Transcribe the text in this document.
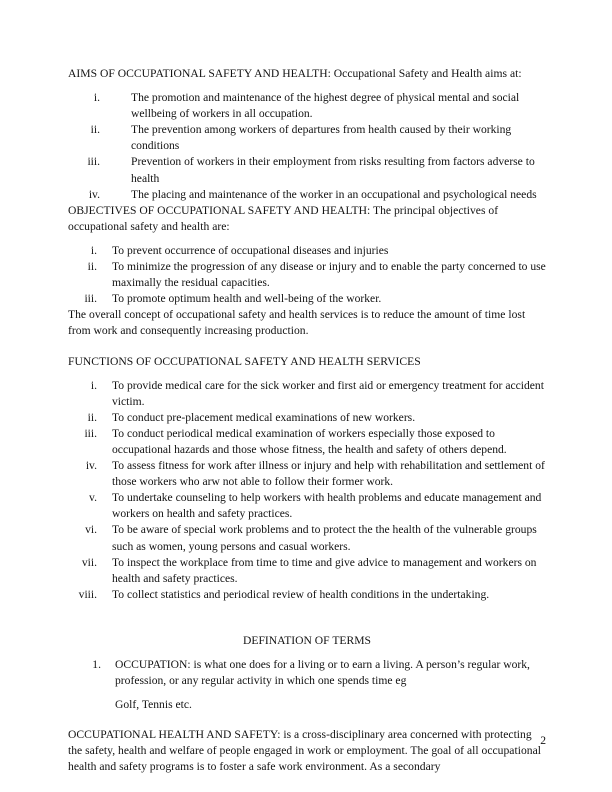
AIMS OF OCCUPATIONAL SAFETY AND HEALTH: Occupational Safety and Health aims at:

i.	The promotion and maintenance of the highest degree of physical mental and social wellbeing of workers in all occupation.
ii.	The prevention among workers of departures from health caused by their working conditions
iii.	Prevention of workers in their employment from risks resulting from factors adverse to health
iv.	The placing and maintenance of the worker in an occupational and psychological needs

OBJECTIVES OF OCCUPATIONAL SAFETY AND HEALTH: The principal objectives of occupational safety and health are:

i. To prevent occurrence of occupational diseases and injuries
ii. To minimize the progression of any disease or injury and to enable the party concerned to use maximally the residual capacities.
iii. To promote optimum health and well-being of the worker.

The overall concept of occupational safety and health services is to reduce the amount of time lost from work and consequently increasing production.

FUNCTIONS OF OCCUPATIONAL SAFETY AND HEALTH SERVICES

i. To provide medical care for the sick worker and first aid or emergency treatment for accident victim.
ii. To conduct pre-placement medical examinations of new workers.
iii. To conduct periodical medical examination of workers especially those exposed to occupational hazards and those whose fitness, the health and safety of others depend.
iv. To assess fitness for work after illness or injury and help with rehabilitation and settlement of those workers who arw not able to follow their former work.
v. To undertake counseling to help workers with health problems and educate management and workers on health and safety practices.
vi. To be aware of special work problems and to protect the the health of the vulnerable groups such as women, young persons and casual workers.
vii. To inspect the workplace from time to time and give advice to management and workers on health and safety practices.
viii. To collect statistics and periodical review of health conditions in the undertaking.

DEFINATION OF TERMS

1. OCCUPATION: is what one does for a living or to earn a living. A person’s regular work, profession, or any regular activity in which one spends time eg

Golf, Tennis etc.

OCCUPATIONAL HEALTH AND SAFETY: is a cross-disciplinary area concerned with protecting the safety, health and welfare of people engaged in work or employment. The goal of all occupational health and safety programs is to foster a safe work environment. As a secondary

2
